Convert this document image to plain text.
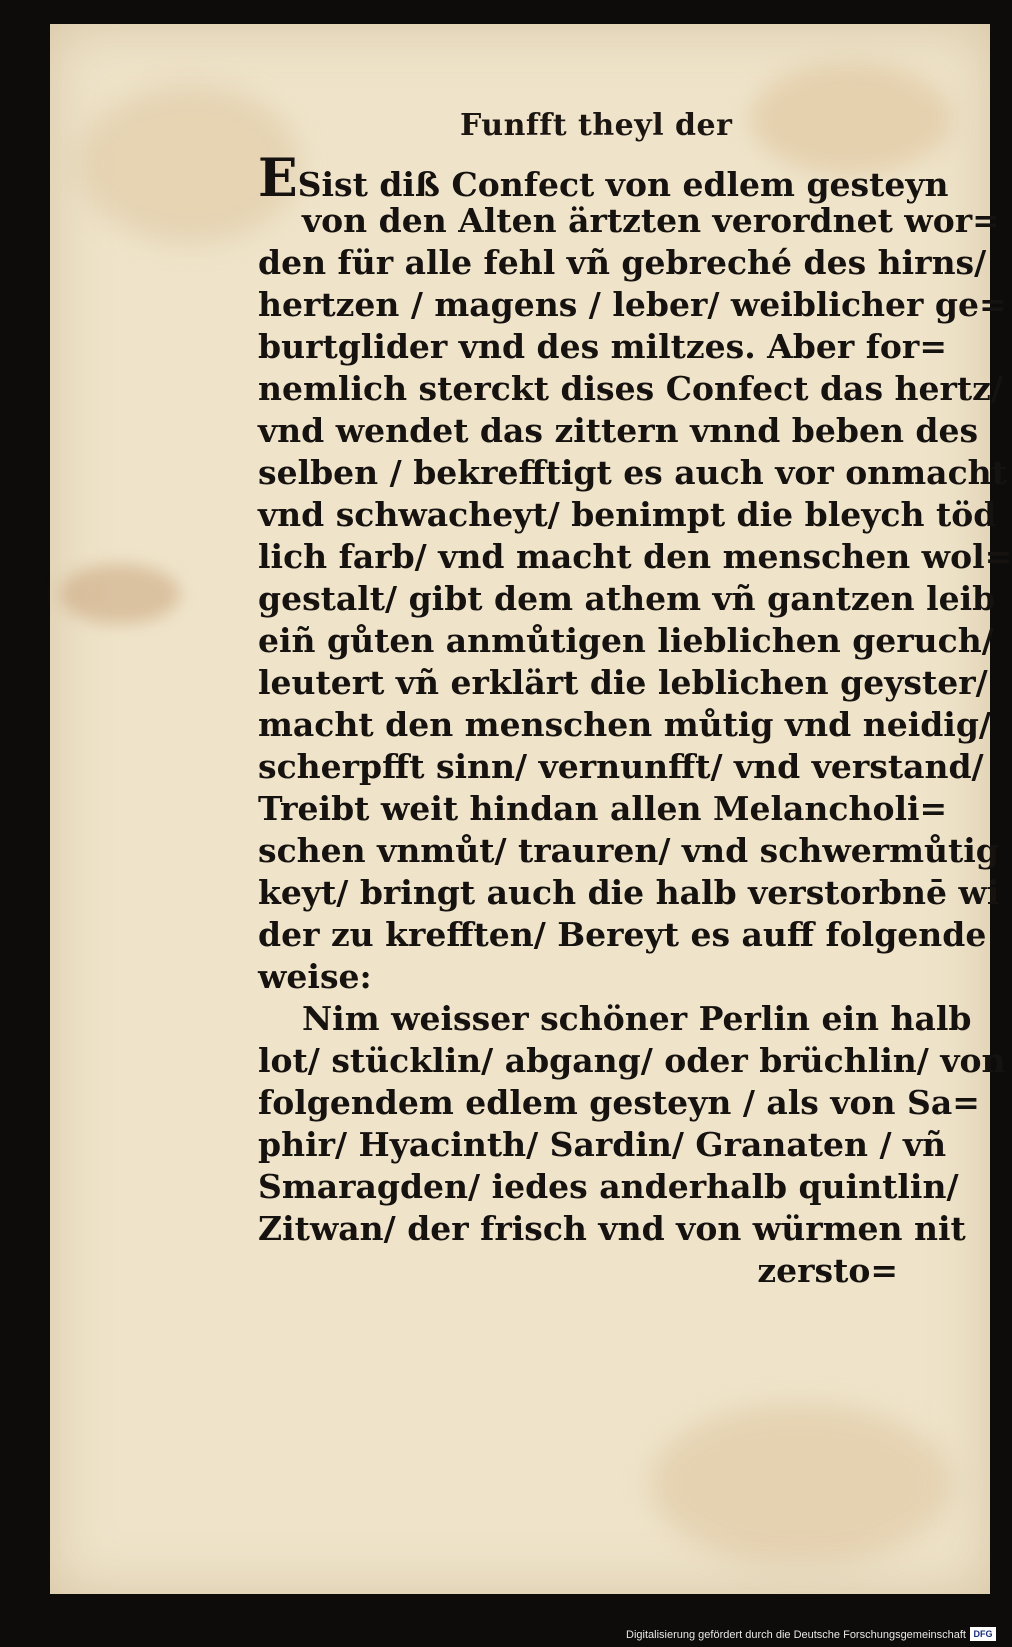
Funfft theyl der
ESist diß Confect von edlem gesteyn
von den Alten ärtzten verordnet wor=
den für alle fehl vñ gebreché des hirns/
hertzen / magens / leber/ weiblicher ge=
burtglider vnd des miltzes. Aber for=
nemlich sterckt dises Confect das hertz/
vnd wendet das zittern vnnd beben des
selben / bekrefftigt es auch vor onmacht
vnd schwacheyt/ benimpt die bleych töd
lich farb/ vnd macht den menschen wol=
gestalt/ gibt dem athem vñ gantzen leib
eiñ gůten anmůtigen lieblichen geruch/
leutert vñ erklärt die leblichen geyster/
macht den menschen můtig vnd neidig/
scherpfft sinn/ vernunfft/ vnd verstand/
Treibt weit hindan allen Melancholi=
schen vnmůt/ trauren/ vnd schwermůtig
keyt/ bringt auch die halb verstorbnē wi
der zu krefften/ Bereyt es auff folgende
weise:
Nim weisser schöner Perlin ein halb
lot/ stücklin/ abgang/ oder brüchlin/ von
folgendem edlem gesteyn / als von Sa=
phir/ Hyacinth/ Sardin/ Granaten / vñ
Smaragden/ iedes anderhalb quintlin/
Zitwan/ der frisch vnd von würmen nit
zersto=
Digitalisierung gefördert durch die Deutsche Forschungsgemeinschaft DFG
